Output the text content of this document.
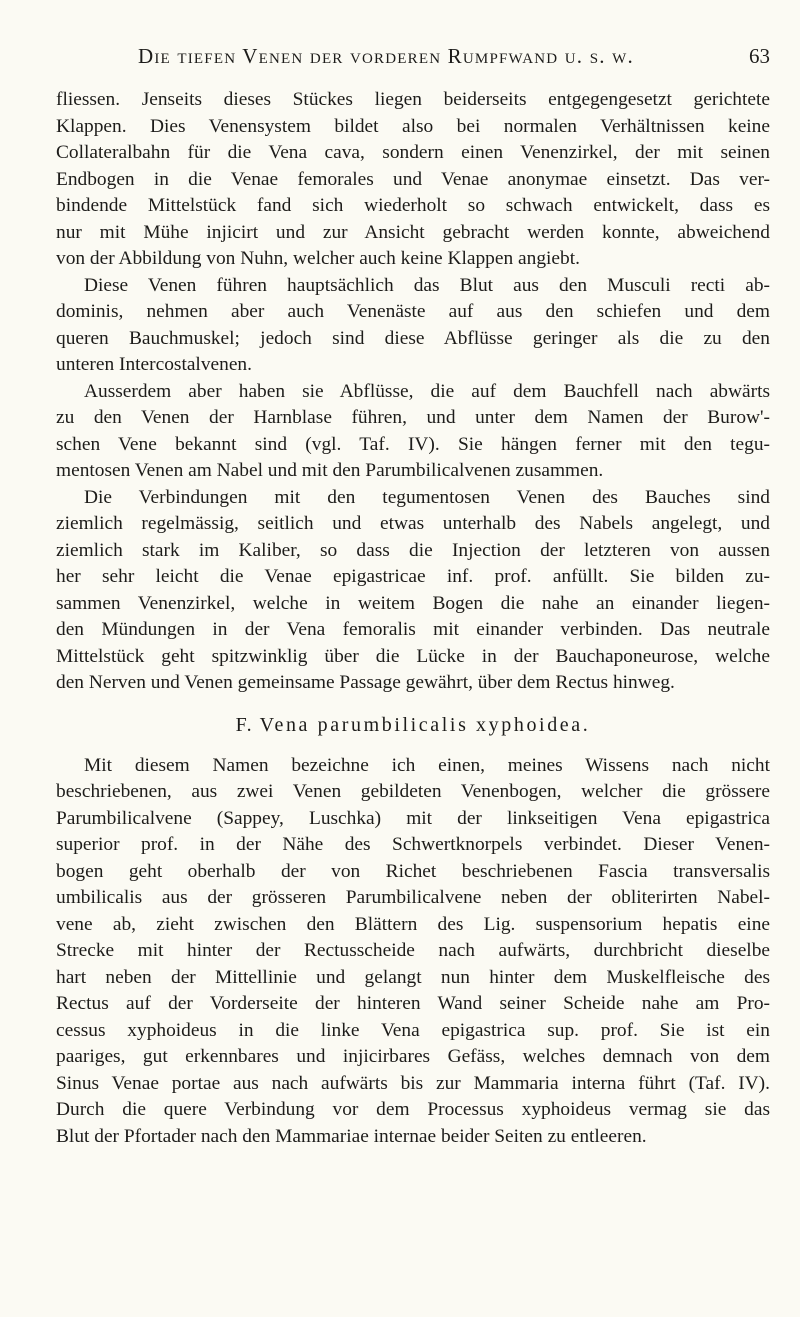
Die tiefen Venen der vorderen Rumpfwand u. s. w.	63
fliessen. Jenseits dieses Stückes liegen beiderseits entgegengesetzt gerichtete
Klappen. Dies Venensystem bildet also bei normalen Verhältnissen keine
Collateralbahn für die Vena cava, sondern einen Venenzirkel, der mit seinen
Endbogen in die Venae femorales und Venae anonymae einsetzt. Das ver-
bindende Mittelstück fand sich wiederholt so schwach entwickelt, dass es
nur mit Mühe injicirt und zur Ansicht gebracht werden konnte, abweichend
von der Abbildung von Nuhn, welcher auch keine Klappen angiebt.
Diese Venen führen hauptsächlich das Blut aus den Musculi recti ab-
dominis, nehmen aber auch Venenäste auf aus den schiefen und dem
queren Bauchmuskel; jedoch sind diese Abflüsse geringer als die zu den
unteren Intercostalvenen.
Ausserdem aber haben sie Abflüsse, die auf dem Bauchfell nach abwärts
zu den Venen der Harnblase führen, und unter dem Namen der Burow'-
schen Vene bekannt sind (vgl. Taf. IV). Sie hängen ferner mit den tegu-
mentosen Venen am Nabel und mit den Parumbilicalvenen zusammen.
Die Verbindungen mit den tegumentosen Venen des Bauches sind
ziemlich regelmässig, seitlich und etwas unterhalb des Nabels angelegt, und
ziemlich stark im Kaliber, so dass die Injection der letzteren von aussen
her sehr leicht die Venae epigastricae inf. prof. anfüllt. Sie bilden zu-
sammen Venenzirkel, welche in weitem Bogen die nahe an einander liegen-
den Mündungen in der Vena femoralis mit einander verbinden. Das neutrale
Mittelstück geht spitzwinklig über die Lücke in der Bauchaponeurose, welche
den Nerven und Venen gemeinsame Passage gewährt, über dem Rectus hinweg.
F. Vena parumbilicalis xyphoidea.
Mit diesem Namen bezeichne ich einen, meines Wissens nach nicht
beschriebenen, aus zwei Venen gebildeten Venenbogen, welcher die grössere
Parumbilicalvene (Sappey, Luschka) mit der linkseitigen Vena epigastrica
superior prof. in der Nähe des Schwertknorpels verbindet. Dieser Venen-
bogen geht oberhalb der von Richet beschriebenen Fascia transversalis
umbilicalis aus der grösseren Parumbilicalvene neben der obliterirten Nabel-
vene ab, zieht zwischen den Blättern des Lig. suspensorium hepatis eine
Strecke mit hinter der Rectusscheide nach aufwärts, durchbricht dieselbe
hart neben der Mittellinie und gelangt nun hinter dem Muskelfleische des
Rectus auf der Vorderseite der hinteren Wand seiner Scheide nahe am Pro-
cessus xyphoideus in die linke Vena epigastrica sup. prof. Sie ist ein
paariges, gut erkennbares und injicirbares Gefäss, welches demnach von dem
Sinus Venae portae aus nach aufwärts bis zur Mammaria interna führt (Taf. IV).
Durch die quere Verbindung vor dem Processus xyphoideus vermag sie das
Blut der Pfortader nach den Mammariae internae beider Seiten zu entleeren.
